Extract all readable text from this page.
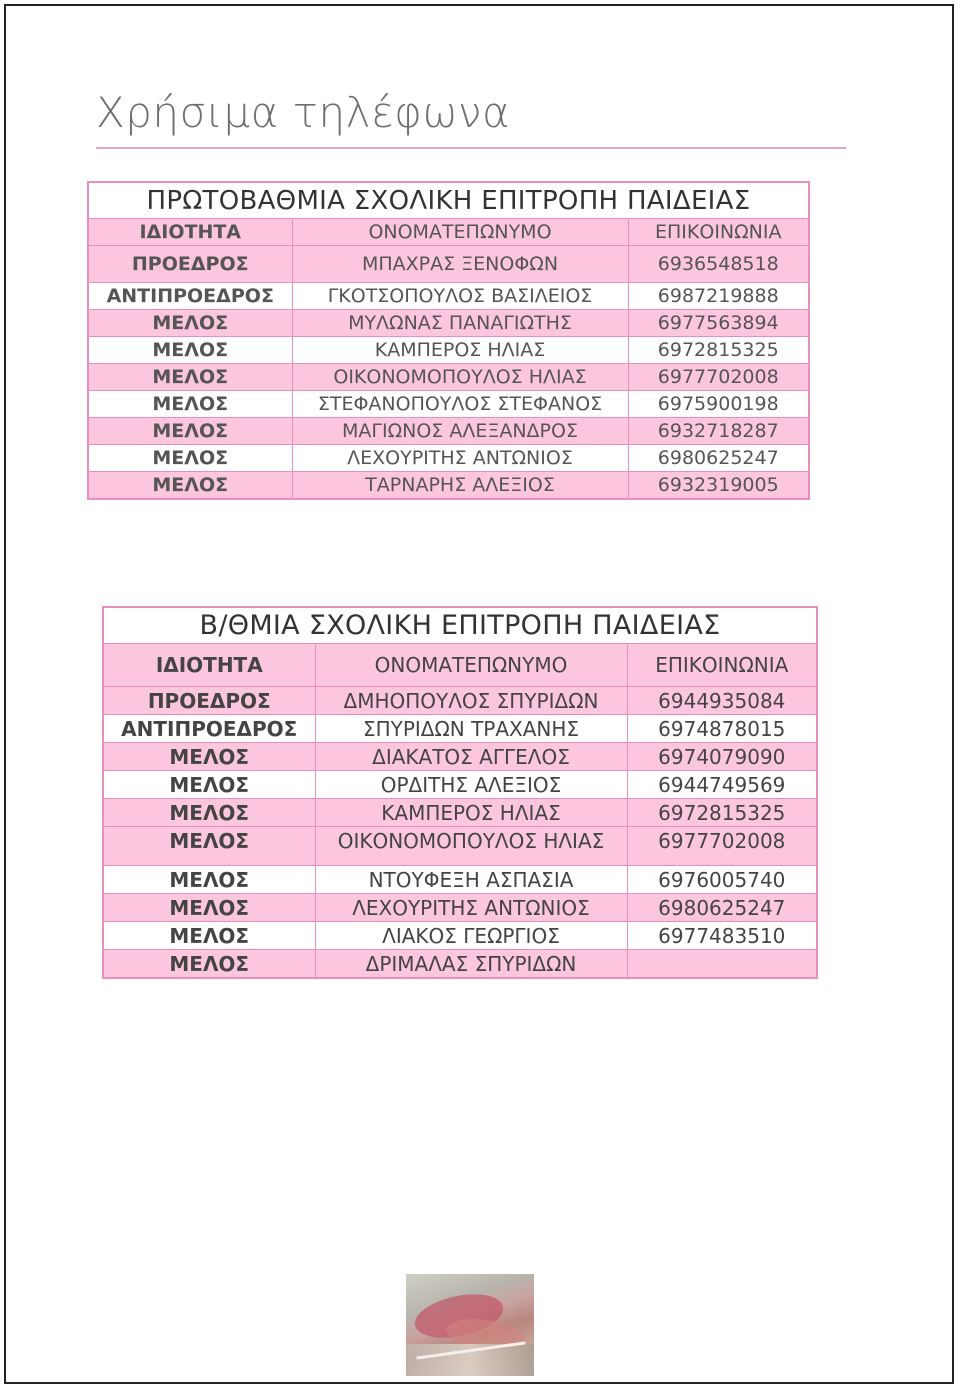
Χρήσιμα τηλέφωνα
ΠΡΩΤΟΒΑΘΜΙΑ ΣΧΟΛΙΚΗ ΕΠΙΤΡΟΠΗ ΠΑΙΔΕΙΑΣ		
ΙΔΙΟΤΗΤΑ	ΟΝΟΜΑΤΕΠΩΝΥΜΟ	ΕΠΙΚΟΙΝΩΝΙΑ
ΠΡΟΕΔΡΟΣ	ΜΠΑΧΡΑΣ ΞΕΝΟΦΩΝ	6936548518
ΑΝΤΙΠΡΟΕΔΡΟΣ	ΓΚΟΤΣΟΠΟΥΛΟΣ ΒΑΣΙΛΕΙΟΣ	6987219888
ΜΕΛΟΣ	ΜΥΛΩΝΑΣ ΠΑΝΑΓΙΩΤΗΣ	6977563894
ΜΕΛΟΣ	ΚΑΜΠΕΡΟΣ ΗΛΙΑΣ	6972815325
ΜΕΛΟΣ	ΟΙΚΟΝΟΜΟΠΟΥΛΟΣ ΗΛΙΑΣ	6977702008
ΜΕΛΟΣ	ΣΤΕΦΑΝΟΠΟΥΛΟΣ ΣΤΕΦΑΝΟΣ	6975900198
ΜΕΛΟΣ	ΜΑΓΙΩΝΟΣ ΑΛΕΞΑΝΔΡΟΣ	6932718287
ΜΕΛΟΣ	ΛΕΧΟΥΡΙΤΗΣ ΑΝΤΩΝΙΟΣ	6980625247
ΜΕΛΟΣ	ΤΑΡΝΑΡΗΣ ΑΛΕΞΙΟΣ	6932319005
Β/ΘΜΙΑ ΣΧΟΛΙΚΗ ΕΠΙΤΡΟΠΗ ΠΑΙΔΕΙΑΣ		
ΙΔΙΟΤΗΤΑ	ΟΝΟΜΑΤΕΠΩΝΥΜΟ	ΕΠΙΚΟΙΝΩΝΙΑ
ΠΡΟΕΔΡΟΣ	ΔΜΗΟΠΟΥΛΟΣ ΣΠΥΡΙΔΩΝ	6944935084
ΑΝΤΙΠΡΟΕΔΡΟΣ	ΣΠΥΡΙΔΩΝ ΤΡΑΧΑΝΗΣ	6974878015
ΜΕΛΟΣ	ΔΙΑΚΑΤΟΣ ΑΓΓΕΛΟΣ	6974079090
ΜΕΛΟΣ	ΟΡΔΙΤΗΣ ΑΛΕΞΙΟΣ	6944749569
ΜΕΛΟΣ	ΚΑΜΠΕΡΟΣ ΗΛΙΑΣ	6972815325
ΜΕΛΟΣ	ΟΙΚΟΝΟΜΟΠΟΥΛΟΣ ΗΛΙΑΣ	6977702008
ΜΕΛΟΣ	ΝΤΟΥΦΕΞΗ ΑΣΠΑΣΙΑ	6976005740
ΜΕΛΟΣ	ΛΕΧΟΥΡΙΤΗΣ ΑΝΤΩΝΙΟΣ	6980625247
ΜΕΛΟΣ	ΛΙΑΚΟΣ ΓΕΩΡΓΙΟΣ	6977483510
ΜΕΛΟΣ	ΔΡΙΜΑΛΑΣ ΣΠΥΡΙΔΩΝ	
